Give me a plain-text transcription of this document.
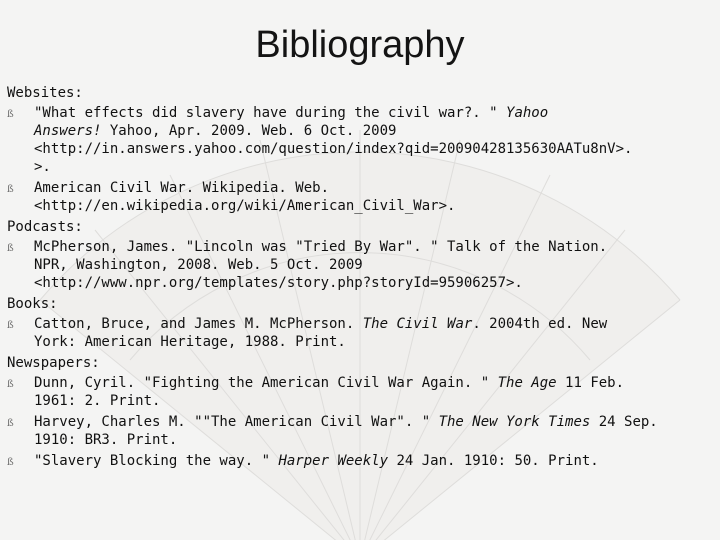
Bibliography
Websites:
ß "What effects did slavery have during the civil war?. " Yahoo
Answers! Yahoo, Apr. 2009. Web. 6 Oct. 2009
<http://in.answers.yahoo.com/question/index?qid=20090428135630AATu8nV>.
>.
ß American Civil War. Wikipedia. Web.
<http://en.wikipedia.org/wiki/American_Civil_War>.
Podcasts:
ß McPherson, James. "Lincoln was "Tried By War". " Talk of the Nation.
NPR, Washington, 2008. Web. 5 Oct. 2009
<http://www.npr.org/templates/story.php?storyId=95906257>.
Books:
ß Catton, Bruce, and James M. McPherson. The Civil War. 2004th ed. New
York: American Heritage, 1988. Print.
Newspapers:
ß Dunn, Cyril. "Fighting the American Civil War Again. " The Age 11 Feb.
1961: 2. Print.
ß Harvey, Charles M. ""The American Civil War". " The New York Times 24 Sep.
1910: BR3. Print.
ß "Slavery Blocking the way. " Harper Weekly 24 Jan. 1910: 50. Print.
